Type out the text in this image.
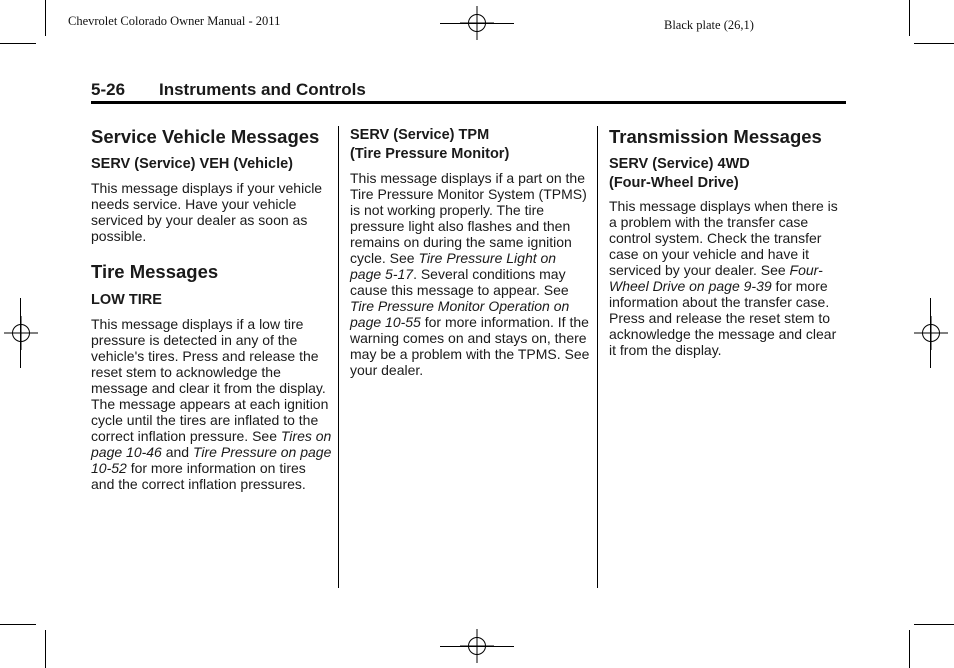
Chevrolet Colorado Owner Manual - 2011	Black plate (26,1)
5-26 Instruments and Controls
Service Vehicle Messages
SERV (Service) VEH (Vehicle)

This message displays if your vehicle needs service. Have your vehicle serviced by your dealer as soon as possible.

Tire Messages
LOW TIRE

This message displays if a low tire pressure is detected in any of the vehicle's tires. Press and release the reset stem to acknowledge the message and clear it from the display. The message appears at each ignition cycle until the tires are inflated to the correct inflation pressure. See Tires on page 10-46 and Tire Pressure on page 10-52 for more information on tires and the correct inflation pressures.

SERV (Service) TPM
(Tire Pressure Monitor)

This message displays if a part on the Tire Pressure Monitor System (TPMS) is not working properly. The tire pressure light also flashes and then remains on during the same ignition cycle. See Tire Pressure Light on page 5-17. Several conditions may cause this message to appear. See Tire Pressure Monitor Operation on page 10-55 for more information. If the warning comes on and stays on, there may be a problem with the TPMS. See your dealer.

Transmission Messages
SERV (Service) 4WD
(Four-Wheel Drive)

This message displays when there is a problem with the transfer case control system. Check the transfer case on your vehicle and have it serviced by your dealer. See Four-Wheel Drive on page 9-39 for more information about the transfer case. Press and release the reset stem to acknowledge the message and clear it from the display.
